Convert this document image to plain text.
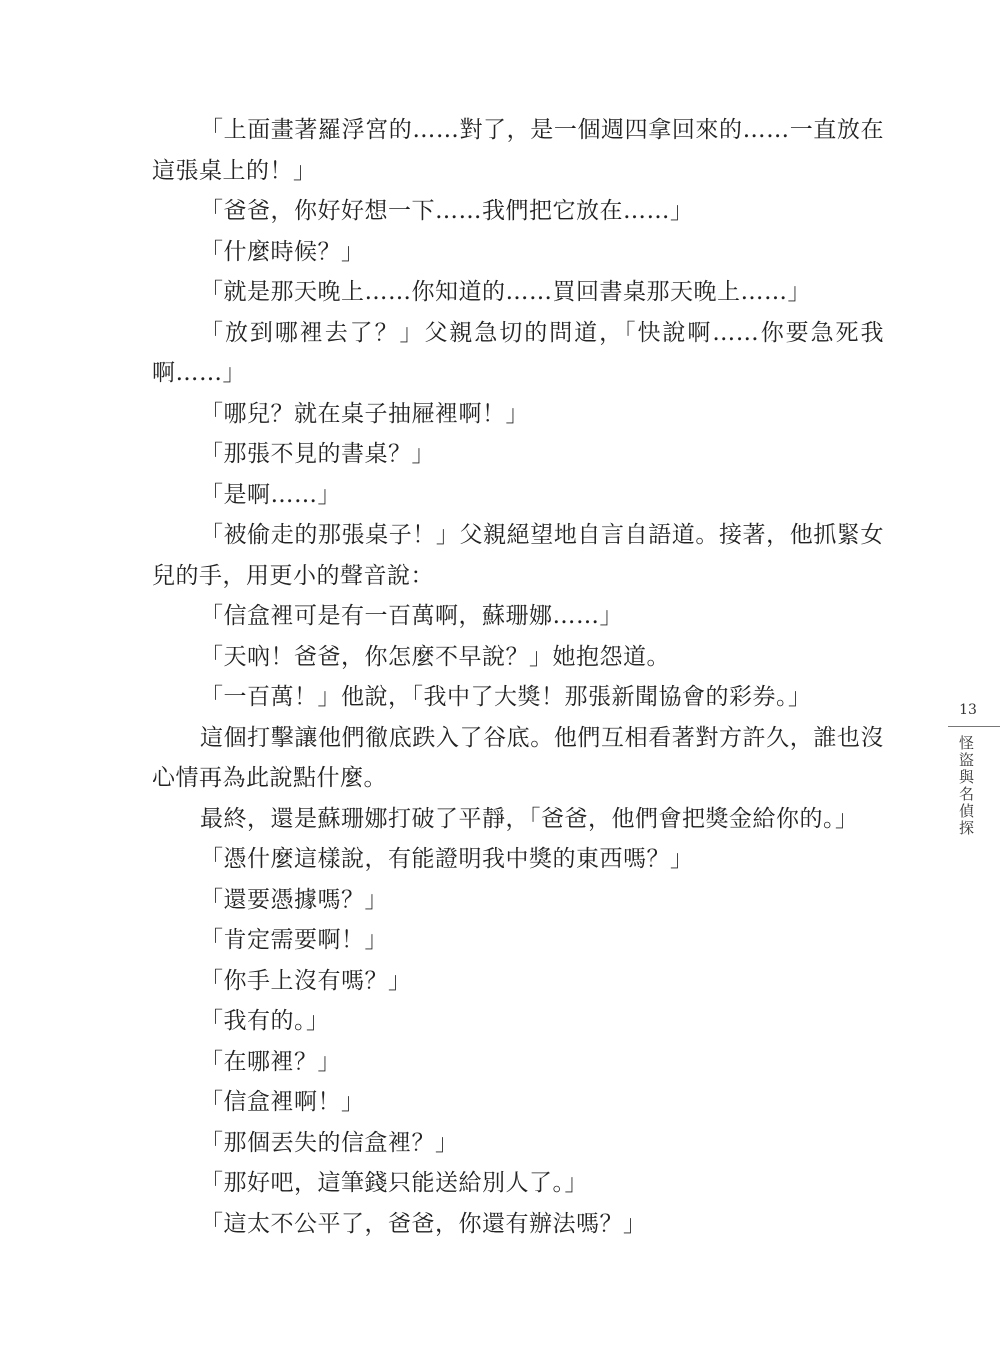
「上面畫著羅浮宮的……對了，是一個週四拿回來的……一直放在這張桌上的！」

「爸爸，你好好想一下……我們把它放在……」

「什麼時候？」

「就是那天晚上……你知道的……買回書桌那天晚上……」

「放到哪裡去了？」父親急切的問道，「快說啊……你要急死我啊……」

「哪兒？就在桌子抽屜裡啊！」

「那張不見的書桌？」

「是啊……」

「被偷走的那張桌子！」父親絕望地自言自語道。接著，他抓緊女兒的手，用更小的聲音說：

「信盒裡可是有一百萬啊，蘇珊娜……」

「天吶！爸爸，你怎麼不早說？」她抱怨道。

「一百萬！」他說，「我中了大獎！那張新聞協會的彩券。」

這個打擊讓他們徹底跌入了谷底。他們互相看著對方許久，誰也沒心情再為此說點什麼。

最終，還是蘇珊娜打破了平靜，「爸爸，他們會把獎金給你的。」

「憑什麼這樣說，有能證明我中獎的東西嗎？」

「還要憑據嗎？」

「肯定需要啊！」

「你手上沒有嗎？」

「我有的。」

「在哪裡？」

「信盒裡啊！」

「那個丟失的信盒裡？」

「那好吧，這筆錢只能送給別人了。」

「這太不公平了，爸爸，你還有辦法嗎？」

13
怪盜與名偵探
